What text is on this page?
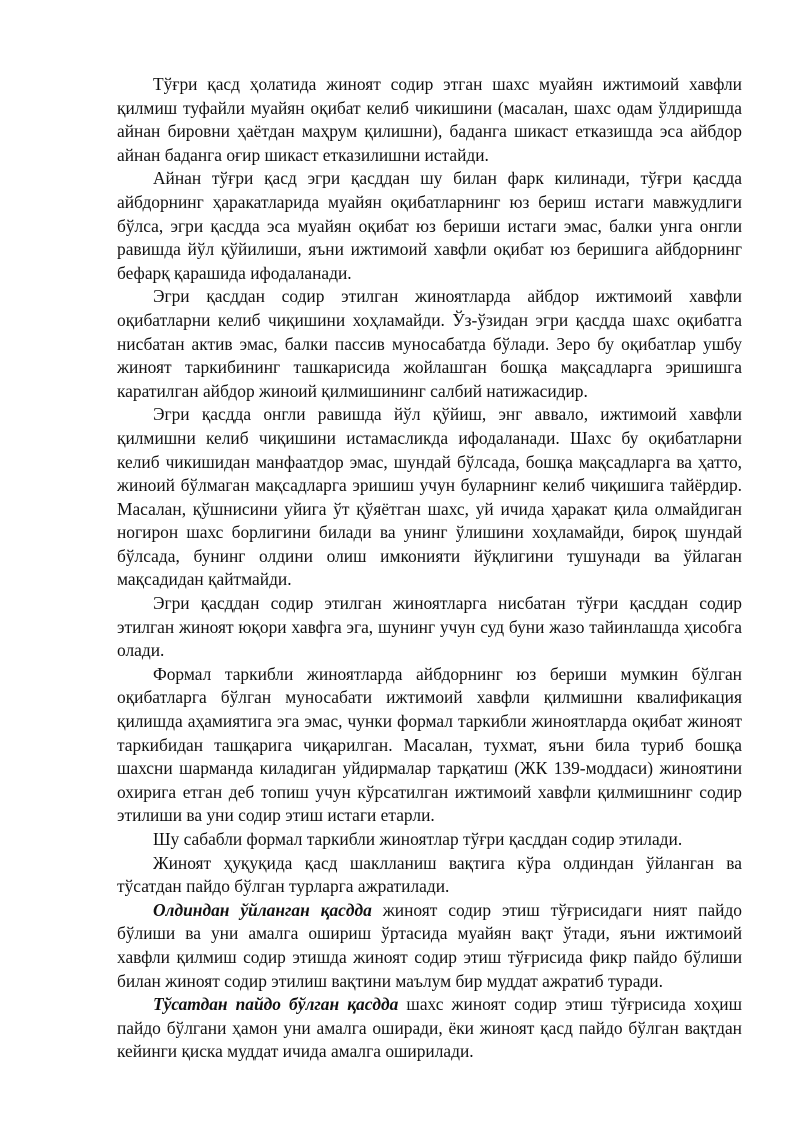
Тўғри қасд ҳолатида жиноят содир этган шахс муайян ижтимоий хавфли қилмиш туфайли муайян оқибат келиб чикишини (масалан, шахс одам ўлдиришда айнан бировни ҳаётдан маҳрум қилишни), баданга шикаст етказишда эса айбдор айнан баданга оғир шикаст етказилишни истайди.

Айнан тўғри қасд эгри қасддан шу билан фарк килинади, тўғри қасдда айбдорнинг ҳаракатларида муайян оқибатларнинг юз бериш истаги мавжудлиги бўлса, эгри қасдда эса муайян оқибат юз бериши истаги эмас, балки унга онгли равишда йўл қўйилиши, яъни ижтимоий хавфли оқибат юз беришига айбдорнинг бефарқ қарашида ифодаланади.

Эгри қасддан содир этилган жиноятларда айбдор ижтимоий хавфли оқибатларни келиб чиқишини хоҳламайди. Ўз-ўзидан эгри қасдда шахс оқибатга нисбатан актив эмас, балки пассив муносабатда бўлади. Зеро бу оқибатлар ушбу жиноят таркибининг ташкарисида жойлашган бошқа мақсадларга эришишга каратилган айбдор жиноий қилмишининг салбий натижасидир.

Эгри қасдда онгли равишда йўл қўйиш, энг аввало, ижтимоий хавфли қилмишни келиб чиқишини истамасликда ифодаланади. Шахс бу оқибатларни келиб чикишидан манфаатдор эмас, шундай бўлсада, бошқа мақсадларга ва ҳатто, жиноий бўлмаган мақсадларга эришиш учун буларнинг келиб чиқишига тайёрдир. Масалан, қўшнисини уйига ўт қўяётган шахс, уй ичида ҳаракат қила олмайдиган ногирон шахс борлигини билади ва унинг ўлишини хоҳламайди, бироқ шундай бўлсада, бунинг олдини олиш имконияти йўқлигини тушунади ва ўйлаган мақсадидан қайтмайди.

Эгри қасддан содир этилган жиноятларга нисбатан тўғри қасддан содир этилган жиноят юқори хавфга эга, шунинг учун суд буни жазо тайинлашда ҳисобга олади.

Формал таркибли жиноятларда айбдорнинг юз бериши мумкин бўлган оқибатларга бўлган муносабати ижтимоий хавфли қилмишни квалификация қилишда аҳамиятига эга эмас, чунки формал таркибли жиноятларда оқибат жиноят таркибидан ташқарига чиқарилган. Масалан, тухмат, яъни била туриб бошқа шахсни шарманда киладиган уйдирмалар тарқатиш (ЖК 139-моддаси) жиноятини охирига етган деб топиш учун кўрсатилган ижтимоий хавфли қилмишнинг содир этилиши ва уни содир этиш истаги етарли.

Шу сабабли формал таркибли жиноятлар тўғри қасддан содир этилади.

Жиноят ҳуқуқида қасд шаклланиш вақтига кўра олдиндан ўйланган ва тўсатдан пайдо бўлган турларга ажратилади.

Олдиндан ўйланган қасдда жиноят содир этиш тўғрисидаги ният пайдо бўлиши ва уни амалга ошириш ўртасида муайян вақт ўтади, яъни ижтимоий хавфли қилмиш содир этишда жиноят содир этиш тўғрисида фикр пайдо бўлиши билан жиноят содир этилиш вақтини маълум бир муддат ажратиб туради.

Тўсатдан пайдо бўлган қасдда шахс жиноят содир этиш тўғрисида хоҳиш пайдо бўлгани ҳамон уни амалга оширади, ёки жиноят қасд пайдо бўлган вақтдан кейинги қиска муддат ичида амалга оширилади.
